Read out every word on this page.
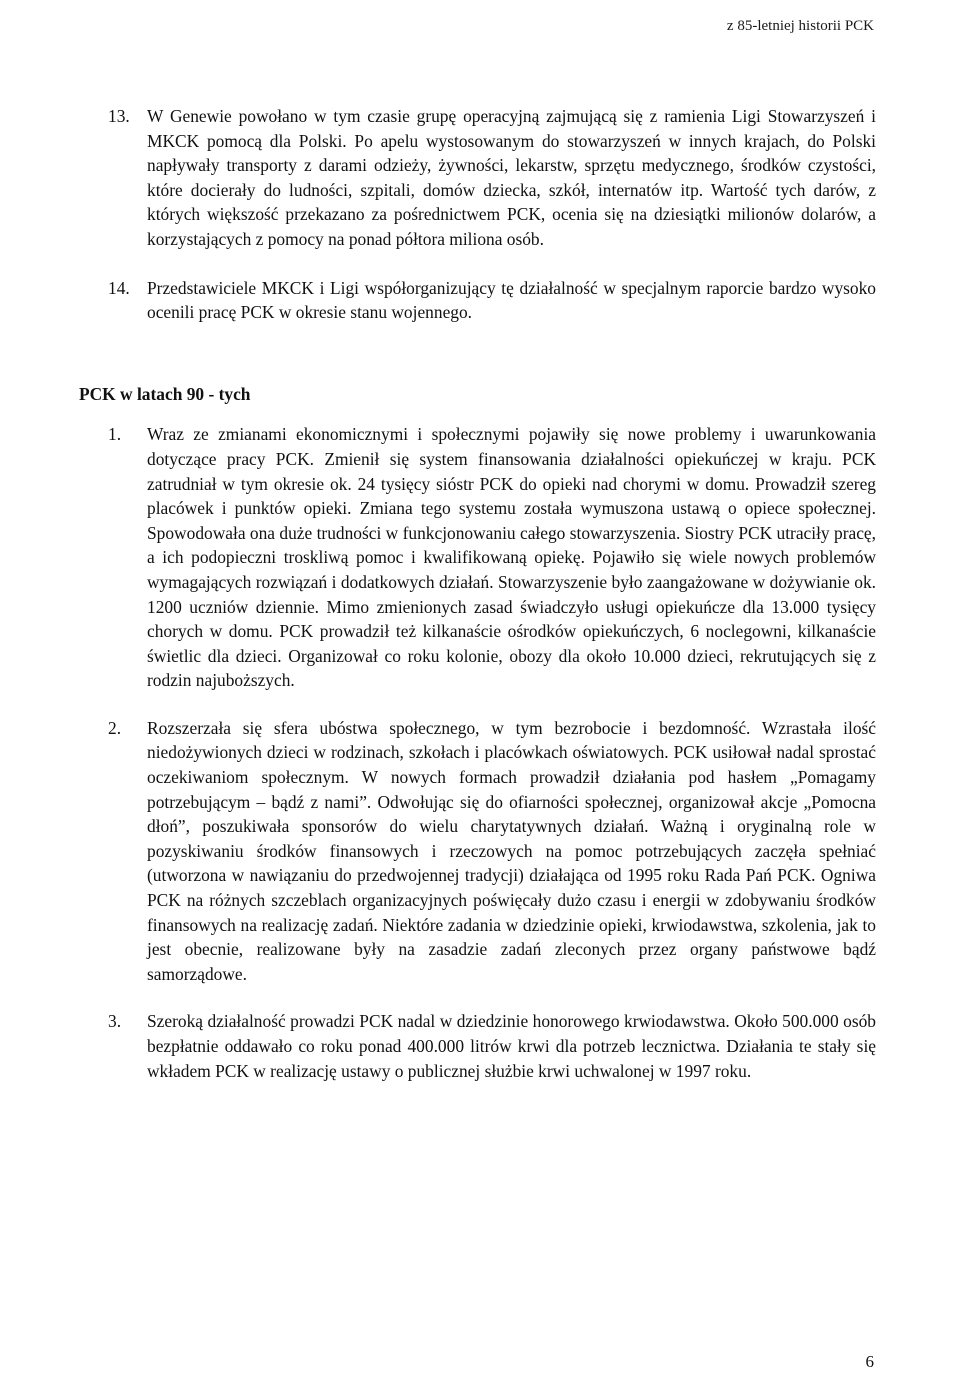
z 85-letniej historii PCK
13. W Genewie powołano w tym czasie grupę operacyjną zajmującą się z ramienia Ligi Stowarzyszeń i MKCK pomocą dla Polski. Po apelu wystosowanym do stowarzyszeń w innych krajach, do Polski napływały transporty z darami odzieży, żywności, lekarstw, sprzętu medycznego, środków czystości, które docierały do ludności, szpitali, domów dziecka, szkół, internatów itp. Wartość tych darów, z których większość przekazano za pośrednictwem PCK, ocenia się na dziesiątki milionów dolarów, a korzystających z pomocy na ponad półtora miliona osób.
14. Przedstawiciele MKCK i Ligi współorganizujący tę działalność w specjalnym raporcie bardzo wysoko ocenili pracę PCK w okresie stanu wojennego.
PCK w latach 90 - tych
1.	Wraz ze zmianami ekonomicznymi i społecznymi pojawiły się nowe problemy i uwarunkowania dotyczące pracy PCK. Zmienił się system finansowania działalności opiekuńczej w kraju. PCK zatrudniał w tym okresie ok. 24 tysięcy sióstr PCK do opieki nad chorymi w domu. Prowadził szereg placówek i punktów opieki. Zmiana tego systemu została wymuszona ustawą o opiece społecznej. Spowodowała ona duże trudności w funkcjonowaniu całego stowarzyszenia. Siostry PCK utraciły pracę, a ich podopieczni troskliwą pomoc i kwalifikowaną opiekę. Pojawiło się wiele nowych problemów wymagających rozwiązań i dodatkowych działań. Stowarzyszenie było zaangażowane w dożywianie ok. 1200 uczniów dziennie. Mimo zmienionych zasad świadczyło usługi opiekuńcze dla 13.000 tysięcy chorych w domu. PCK prowadził też kilkanaście ośrodków opiekuńczych, 6 noclegowni, kilkanaście świetlic dla dzieci. Organizował co roku kolonie, obozy dla około 10.000 dzieci, rekrutujących się z rodzin najuboższych.
2.	Rozszerzała się sfera ubóstwa społecznego, w tym bezrobocie i bezdomność. Wzrastała ilość niedożywionych dzieci w rodzinach, szkołach i placówkach oświatowych. PCK usiłował nadal sprostać oczekiwaniom społecznym. W nowych formach prowadził działania pod hasłem „Pomagamy potrzebującym – bądź z nami”. Odwołując się do ofiarności społecznej, organizował akcje „Pomocna dłoń”, poszukiwała sponsorów do wielu charytatywnych działań. Ważną i oryginalną role w pozyskiwaniu środków finansowych i rzeczowych na pomoc potrzebujących zaczęła spełniać (utworzona w nawiązaniu do przedwojennej tradycji) działająca od 1995 roku Rada Pań PCK. Ogniwa PCK na różnych szczeblach organizacyjnych poświęcały dużo czasu i energii w zdobywaniu środków finansowych na realizację zadań. Niektóre zadania w dziedzinie opieki, krwiodawstwa, szkolenia, jak to jest obecnie, realizowane były na zasadzie zadań zleconych przez organy państwowe bądź samorządowe.
3.	Szeroką działalność prowadzi PCK nadal w dziedzinie honorowego krwiodawstwa. Około 500.000 osób bezpłatnie oddawało co roku ponad 400.000 litrów krwi dla potrzeb lecznictwa. Działania te stały się wkładem PCK w realizację ustawy o publicznej służbie krwi uchwalonej w 1997 roku.
6
